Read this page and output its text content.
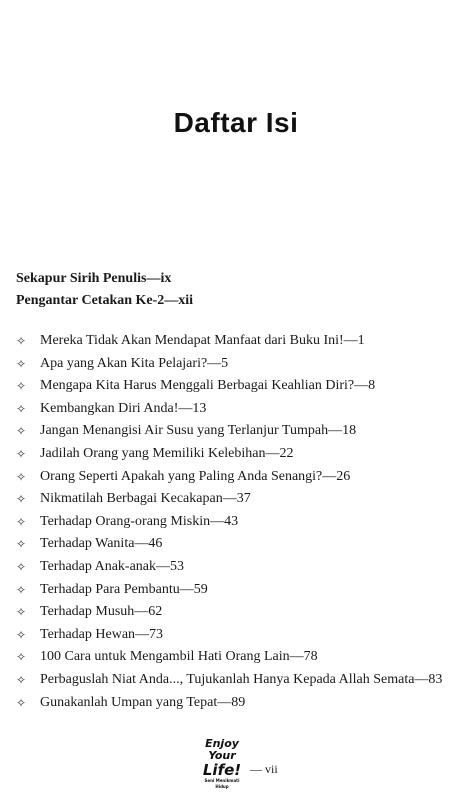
Daftar Isi
Sekapur Sirih Penulis—ix
Pengantar Cetakan Ke-2—xii
✧ Mereka Tidak Akan Mendapat Manfaat dari Buku Ini!—1
✧ Apa yang Akan Kita Pelajari?—5
✧ Mengapa Kita Harus Menggali Berbagai Keahlian Diri?—8
✧ Kembangkan Diri Anda!—13
✧ Jangan Menangisi Air Susu yang Terlanjur Tumpah—18
✧ Jadilah Orang yang Memiliki Kelebihan—22
✧ Orang Seperti Apakah yang Paling Anda Senangi?—26
✧ Nikmatilah Berbagai Kecakapan—37
✧ Terhadap Orang-orang Miskin—43
✧ Terhadap Wanita—46
✧ Terhadap Anak-anak—53
✧ Terhadap Para Pembantu—59
✧ Terhadap Musuh—62
✧ Terhadap Hewan—73
✧ 100 Cara untuk Mengambil Hati Orang Lain—78
✧ Perbaguslah Niat Anda..., Tujukanlah Hanya Kepada Allah Semata—83
✧ Gunakanlah Umpan yang Tepat—89
Enjoy
Your
Life!
Seni Menikmati Hidup
— vii
